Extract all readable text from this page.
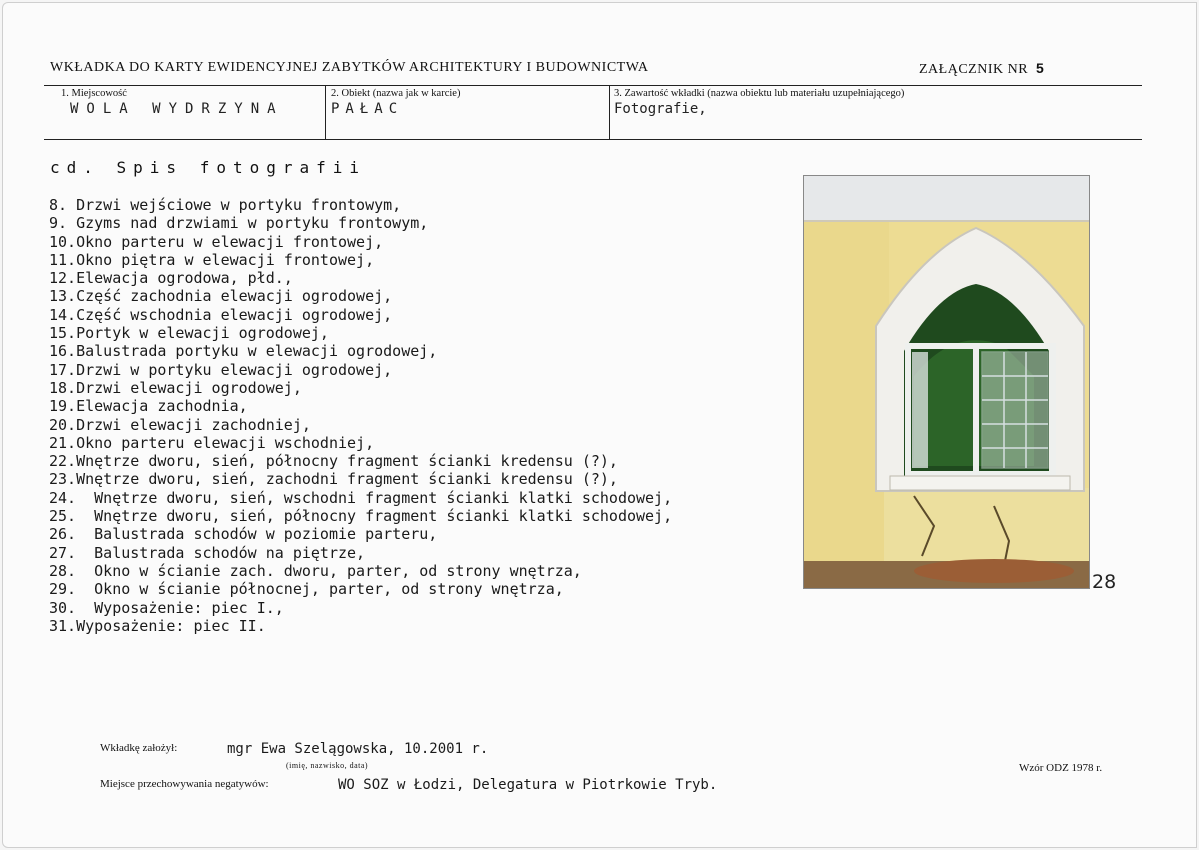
WKŁADKA DO KARTY EWIDENCYJNEJ ZABYTKÓW ARCHITEKTURY I BUDOWNICTWA	ZAŁĄCZNIK NR 5
1. Miejscowość
WOLA WYDRZYNA
2. Obiekt (nazwa jak w karcie)
PAŁAC
3. Zawartość wkładki (nazwa obiektu lub materiału uzupełniającego)
Fotografie,
cd. Spis fotografii
8. Drzwi wejściowe w portyku frontowym,
9. Gzyms nad drzwiami w portyku frontowym,
10.Okno parteru w elewacji frontowej,
11.Okno piętra w elewacji frontowej,
12.Elewacja ogrodowa, płd.,
13.Część zachodnia elewacji ogrodowej,
14.Część wschodnia elewacji ogrodowej,
15.Portyk w elewacji ogrodowej,
16.Balustrada portyku w elewacji ogrodowej,
17.Drzwi w portyku elewacji ogrodowej,
18.Drzwi elewacji ogrodowej,
19.Elewacja zachodnia,
20.Drzwi elewacji zachodniej,
21.Okno parteru elewacji wschodniej,
22.Wnętrze dworu, sień, północny fragment ścianki kredensu (?),
23.Wnętrze dworu, sień, zachodni fragment ścianki kredensu (?),
24.  Wnętrze dworu, sień, wschodni fragment ścianki klatki schodowej,
25.  Wnętrze dworu, sień, północny fragment ścianki klatki schodowej,
26.  Balustrada schodów w poziomie parteru,
27.  Balustrada schodów na piętrze,
28.  Okno w ścianie zach. dworu, parter, od strony wnętrza,
29.  Okno w ścianie północnej, parter, od strony wnętrza,
30.  Wyposażenie: piec I.,
31.Wyposażenie: piec II.
28
Wkładkę założył:	mgr Ewa Szelągowska, 10.2001 r.
(imię, nazwisko, data)
Miejsce przechowywania negatywów:	WO SOZ w Łodzi, Delegatura w Piotrkowie Tryb.
Wzór ODZ 1978 r.
